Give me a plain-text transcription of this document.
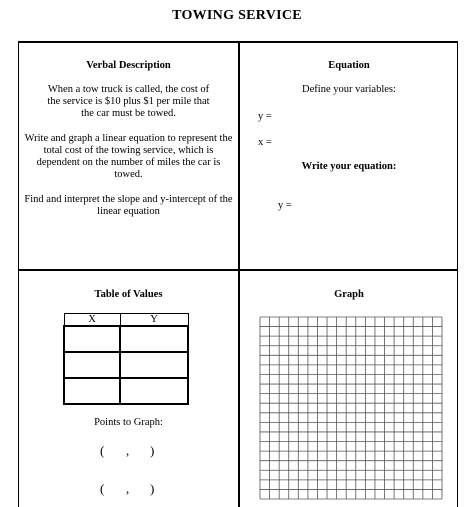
TOWING SERVICE
Verbal Description

When a tow truck is called, the cost of the service is $10 plus $1 per mile that the car must be towed.

Write and graph a linear equation to represent the total cost of the towing service, which is dependent on the number of miles the car is towed.

Find and interpret the slope and y-intercept of the linear equation

Equation
Define your variables:
y =
x =
Write your equation:
y =
Table of Values
X	Y

Points to Graph:
( , )
( , )
Graph
